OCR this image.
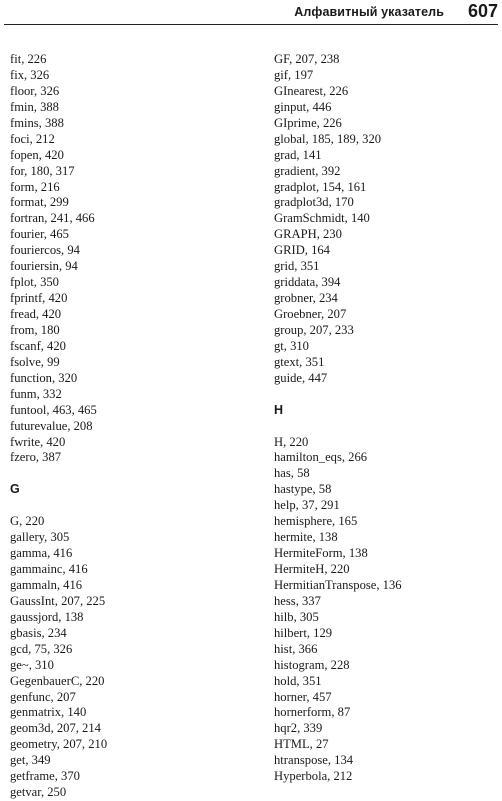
Алфавитный указатель 607
fit, 226
fix, 326
floor, 326
fmin, 388
fmins, 388
foci, 212
fopen, 420
for, 180, 317
form, 216
format, 299
fortran, 241, 466
fourier, 465
fouriercos, 94
fouriersin, 94
fplot, 350
fprintf, 420
fread, 420
from, 180
fscanf, 420
fsolve, 99
function, 320
funm, 332
funtool, 463, 465
futurevalue, 208
fwrite, 420
fzero, 387
G
G, 220
gallery, 305
gamma, 416
gammainc, 416
gammaln, 416
GaussInt, 207, 225
gaussjord, 138
gbasis, 234
gcd, 75, 326
ge~, 310
GegenbauerC, 220
genfunc, 207
genmatrix, 140
geom3d, 207, 214
geometry, 207, 210
get, 349
getframe, 370
getvar, 250
GF, 207, 238
gif, 197
GInearest, 226
ginput, 446
GIprime, 226
global, 185, 189, 320
grad, 141
gradient, 392
gradplot, 154, 161
gradplot3d, 170
GramSchmidt, 140
GRAPH, 230
GRID, 164
grid, 351
griddata, 394
grobner, 234
Groebner, 207
group, 207, 233
gt, 310
gtext, 351
guide, 447
H
H, 220
hamilton_eqs, 266
has, 58
hastype, 58
help, 37, 291
hemisphere, 165
hermite, 138
HermiteForm, 138
HermiteH, 220
HermitianTranspose, 136
hess, 337
hilb, 305
hilbert, 129
hist, 366
histogram, 228
hold, 351
horner, 457
hornerform, 87
hqr2, 339
HTML, 27
htranspose, 134
Hyperbola, 212
